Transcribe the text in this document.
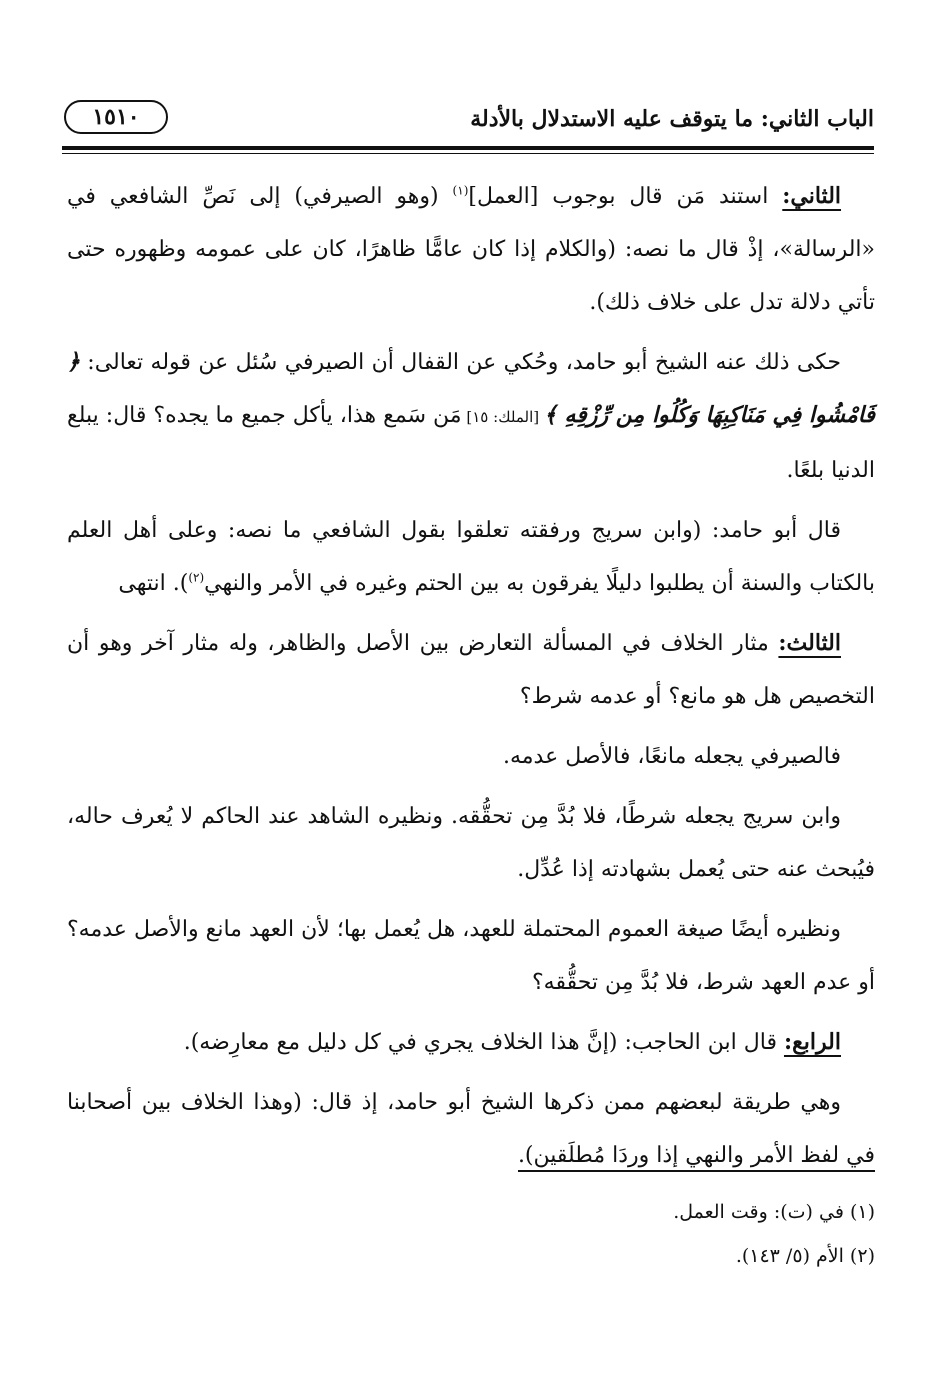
الباب الثاني: ما يتوقف عليه الاستدلال بالأدلة
١٥١٠

الثاني: استند مَن قال بوجوب [العمل]$^{(١)}$ (وهو الصيرفي) إلى نَصِّ الشافعي في «الرسالة»، إذْ قال ما نصه: (والكلام إذا كان عامًّا ظاهرًا، كان على عمومه وظهوره حتى تأتي دلالة تدل على خلاف ذلك).

حكى ذلك عنه الشيخ أبو حامد، وحُكي عن القفال أن الصيرفي سُئل عن قوله تعالى: ﴿ فَامْشُوا فِي مَنَاكِبِهَا وَكُلُوا مِن رِّزْقِهِ ﴾ [الملك: ١٥] مَن سَمع هذا، يأكل جميع ما يجده؟ قال: يبلع الدنيا بلعًا.

قال أبو حامد: (وابن سريج ورفقته تعلقوا بقول الشافعي ما نصه: وعلى أهل العلم بالكتاب والسنة أن يطلبوا دليلًا يفرقون به بين الحتم وغيره في الأمر والنهي$^{(٢)}$). انتهى

الثالث: مثار الخلاف في المسألة التعارض بين الأصل والظاهر، وله مثار آخر وهو أن التخصيص هل هو مانع؟ أو عدمه شرط؟

فالصيرفي يجعله مانعًا، فالأصل عدمه.

وابن سريج يجعله شرطًا، فلا بُدَّ مِن تحقُّقه. ونظيره الشاهد عند الحاكم لا يُعرف حاله، فيُبحث عنه حتى يُعمل بشهادته إذا عُدِّل.

ونظيره أيضًا صيغة العموم المحتملة للعهد، هل يُعمل بها؛ لأن العهد مانع والأصل عدمه؟ أو عدم العهد شرط، فلا بُدَّ مِن تحقُّقه؟

الرابع: قال ابن الحاجب: (إنَّ هذا الخلاف يجري في كل دليل مع معارِضه).

وهي طريقة لبعضهم ممن ذكرها الشيخ أبو حامد، إذ قال: (وهذا الخلاف بين أصحابنا في لفظ الأمر والنهي إذا وردَا مُطلَقين).

(١) في (ت): وقت العمل.
(٢) الأم (٥/ ١٤٣).
